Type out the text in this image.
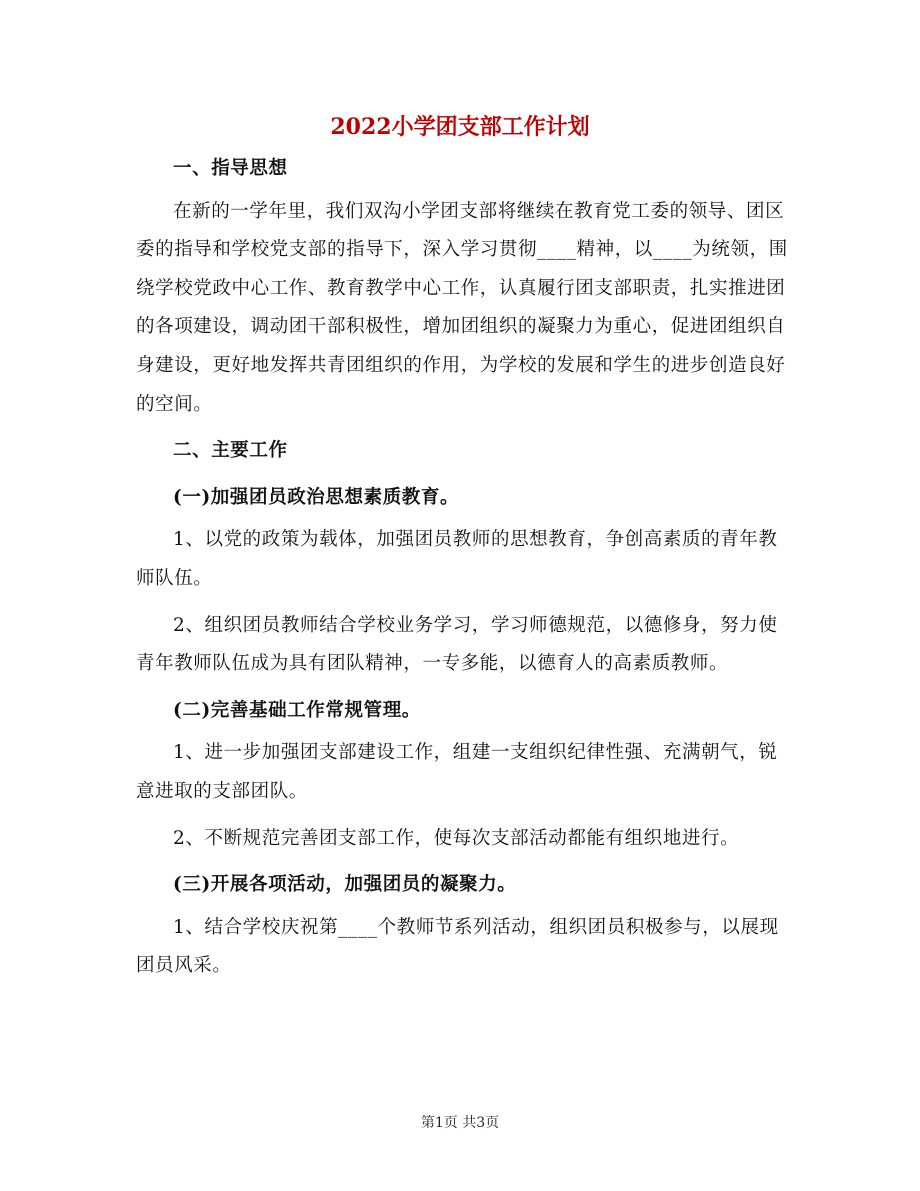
2022小学团支部工作计划

一、指导思想

在新的一学年里，我们双沟小学团支部将继续在教育党工委的领导、团区委的指导和学校党支部的指导下，深入学习贯彻____精神，以____为统领，围绕学校党政中心工作、教育教学中心工作，认真履行团支部职责，扎实推进团的各项建设，调动团干部积极性，增加团组织的凝聚力为重心，促进团组织自身建设，更好地发挥共青团组织的作用，为学校的发展和学生的进步创造良好的空间。

二、主要工作

(一)加强团员政治思想素质教育。

1、以党的政策为载体，加强团员教师的思想教育，争创高素质的青年教师队伍。

2、组织团员教师结合学校业务学习，学习师德规范，以德修身，努力使青年教师队伍成为具有团队精神，一专多能，以德育人的高素质教师。

(二)完善基础工作常规管理。

1、进一步加强团支部建设工作，组建一支组织纪律性强、充满朝气，锐意进取的支部团队。

2、不断规范完善团支部工作，使每次支部活动都能有组织地进行。

(三)开展各项活动，加强团员的凝聚力。

1、结合学校庆祝第____个教师节系列活动，组织团员积极参与，以展现团员风采。

第1页 共3页
